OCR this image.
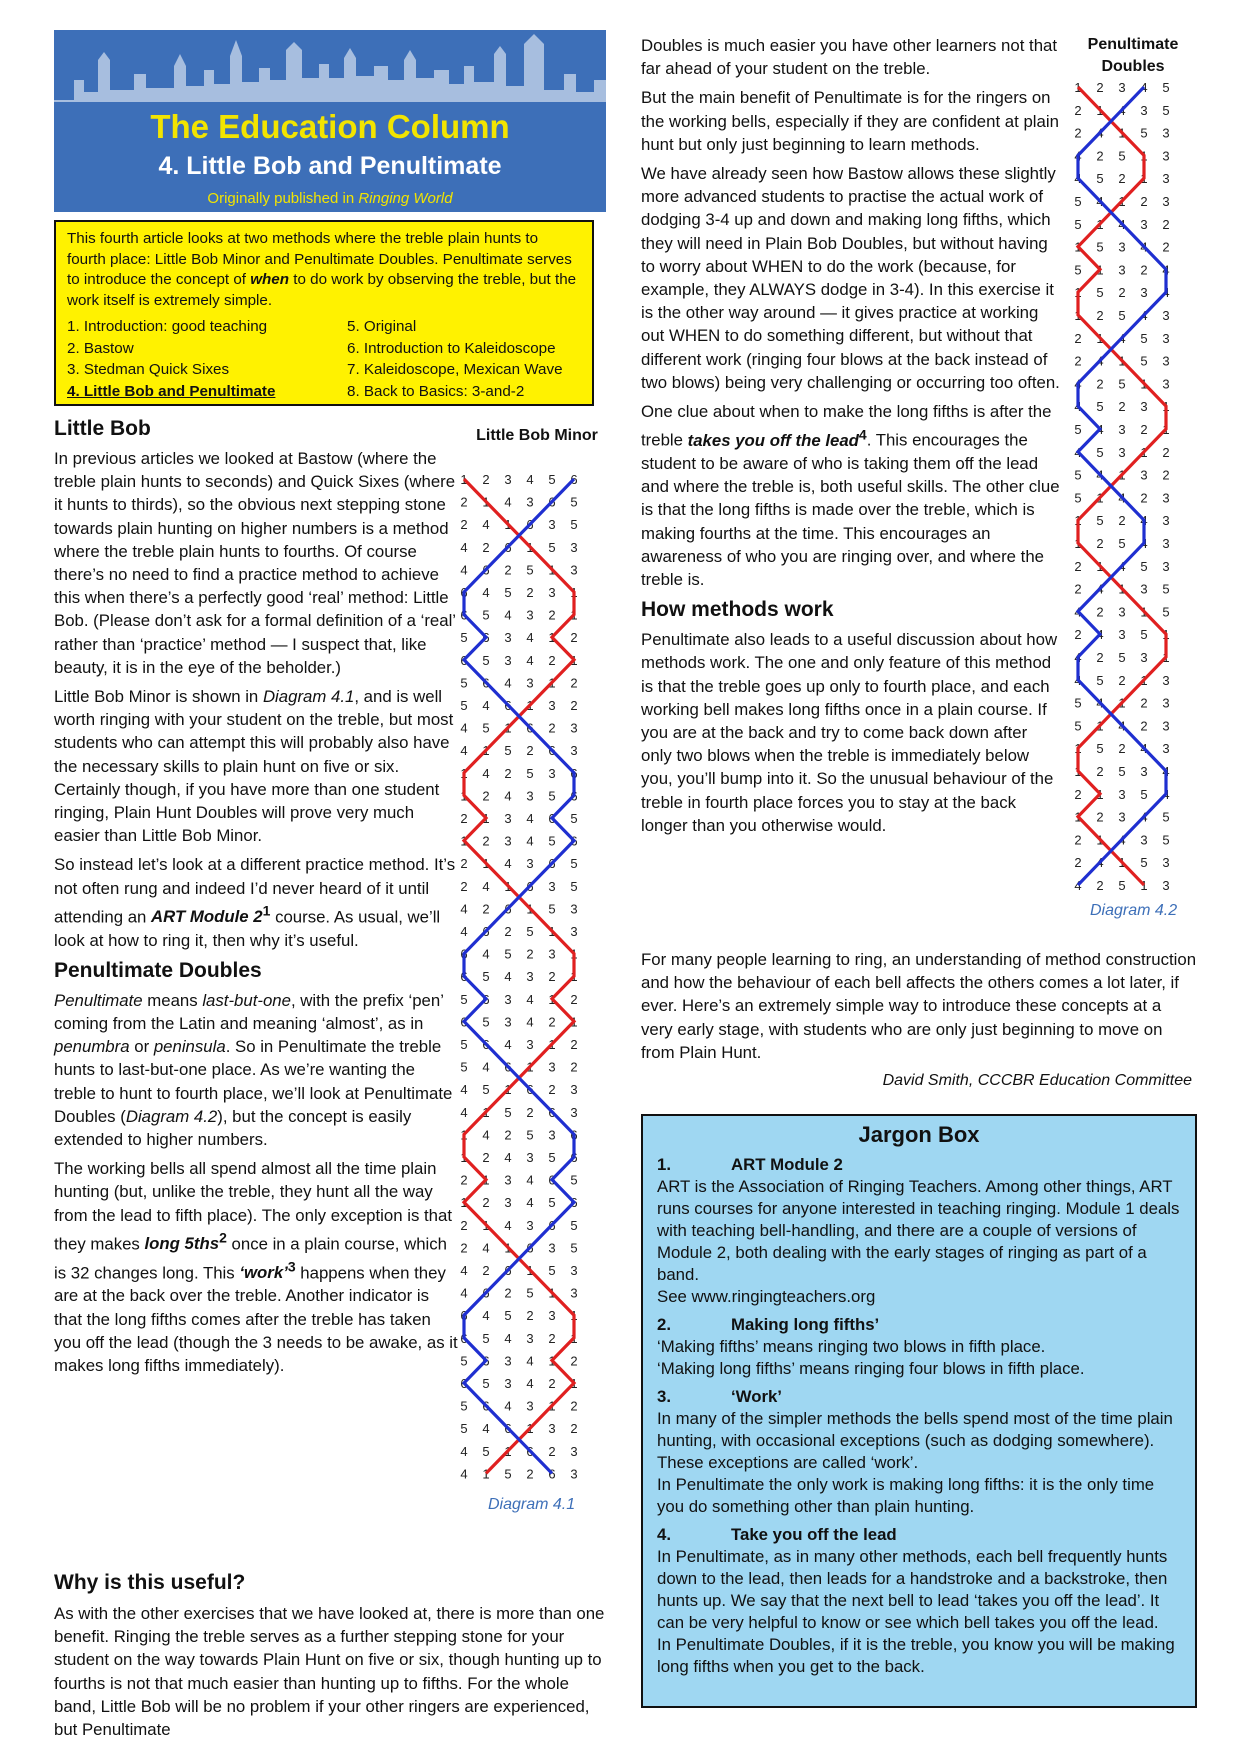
The Education Column
4. Little Bob and Penultimate
Originally published in Ringing World
This fourth article looks at two methods where the treble plain hunts to fourth place: Little Bob Minor and Penultimate Doubles. Penultimate serves to introduce the concept of when to do work by observing the treble, but the work itself is extremely simple.
1. Introduction: good teaching
2. Bastow
3. Stedman Quick Sixes
4. Little Bob and Penultimate
5. Original
6. Introduction to Kaleidoscope
7. Kaleidoscope, Mexican Wave
8. Back to Basics: 3-and-2
Little Bob

In previous articles we looked at Bastow (where the treble plain hunts to seconds) and Quick Sixes (where it hunts to thirds), so the obvious next stepping stone towards plain hunting on higher numbers is a method where the treble plain hunts to fourths. Of course there’s no need to find a practice method to achieve this when there’s a perfectly good ‘real’ method: Little Bob. (Please don’t ask for a formal definition of a ‘real’ rather than ‘practice’ method — I suspect that, like beauty, it is in the eye of the beholder.)

Little Bob Minor is shown in Diagram 4.1, and is well worth ringing with your student on the treble, but most students who can attempt this will probably also have the necessary skills to plain hunt on five or six. Certainly though, if you have more than one student ringing, Plain Hunt Doubles will prove very much easier than Little Bob Minor.

So instead let’s look at a different practice method. It’s not often rung and indeed I’d never heard of it until attending an ART Module $2^1$ course. As usual, we’ll look at how to ring it, then why it’s useful.

Penultimate Doubles

Penultimate means last-but-one, with the prefix ‘pen’ coming from the Latin and meaning ‘almost’, as in penumbra or peninsula. So in Penultimate the treble hunts to last-but-one place. As we’re wanting the treble to hunt to fourth place, we’ll look at Penultimate Doubles (Diagram 4.2), but the concept is easily extended to higher numbers.

The working bells all spend almost all the time plain hunting (but, unlike the treble, they hunt all the way from the lead to fifth place). The only exception is that they makes long 5ths$^2$ once in a plain course, which is 32 changes long. This ‘work’$^3$ happens when they are at the back over the treble. Another indicator is that the long fifths comes after the treble has taken you off the lead (though the 3 needs to be awake, as it makes long fifths immediately).

Why is this useful?

As with the other exercises that we have looked at, there is more than one benefit. Ringing the treble serves as a further stepping stone for your student on the way towards Plain Hunt on five or six, though hunting up to fourths is not that much easier than hunting up to fifths. For the whole band, Little Bob will be no problem if your other ringers are experienced, but Penultimate

Little Bob Minor
1 2 3 4 5 6
2 1 4 3 6 5
2 4 1 6 3 5
4 2 6 1 5 3
4 6 2 5 1 3
6 4 5 2 3 1
6 5 4 3 2 1
5 6 3 4 1 2
6 5 3 4 2 1
5 6 4 3 1 2
5 4 6 1 3 2
4 5 1 6 2 3
4 1 5 2 6 3
1 4 2 5 3 6
1 2 4 3 5 6
2 1 3 4 6 5
1 2 3 4 5 6
2 1 4 3 6 5
2 4 1 6 3 5
4 2 6 1 5 3
4 6 2 5 1 3
6 4 5 2 3 1
6 5 4 3 2 1
5 6 3 4 1 2
6 5 3 4 2 1
5 6 4 3 1 2
5 4 6 1 3 2
4 5 1 6 2 3
4 1 5 2 6 3
1 4 2 5 3 6
1 2 4 3 5 6
2 1 3 4 6 5
1 2 3 4 5 6
2 1 4 3 6 5
2 4 1 6 3 5
4 2 6 1 5 3
4 6 2 5 1 3
6 4 5 2 3 1
6 5 4 3 2 1
5 6 3 4 1 2
6 5 3 4 2 1
5 6 4 3 1 2
5 4 6 1 3 2
4 5 1 6 2 3
4 1 5 2 6 3
Diagram 4.1

Doubles is much easier you have other learners not that far ahead of your student on the treble.

But the main benefit of Penultimate is for the ringers on the working bells, especially if they are confident at plain hunt but only just beginning to learn methods.

We have already seen how Bastow allows these slightly more advanced students to practise the actual work of dodging 3-4 up and down and making long fifths, which they will need in Plain Bob Doubles, but without having to worry about WHEN to do the work (because, for example, they ALWAYS dodge in 3-4). In this exercise it is the other way around — it gives practice at working out WHEN to do something different, but without that different work (ringing four blows at the back instead of two blows) being very challenging or occurring too often.

One clue about when to make the long fifths is after the treble takes you off the lead$^4$. This encourages the student to be aware of who is taking them off the lead and where the treble is, both useful skills. The other clue is that the long fifths is made over the treble, which is making fourths at the time. This encourages an awareness of who you are ringing over, and where the treble is.

How methods work

Penultimate also leads to a useful discussion about how methods work. The one and only feature of this method is that the treble goes up only to fourth place, and each working bell makes long fifths once in a plain course. If you are at the back and try to come back down after only two blows when the treble is immediately below you, you’ll bump into it. So the unusual behaviour of the treble in fourth place forces you to stay at the back longer than you otherwise would.

For many people learning to ring, an understanding of method construction and how the behaviour of each bell affects the others comes a lot later, if ever. Here’s an extremely simple way to introduce these concepts at a very early stage, with students who are only just beginning to move on from Plain Hunt.

David Smith, CCCBR Education Committee
Penultimate Doubles
1 2 3 4 5
2 1 4 3 5
2 4 1 5 3
4 2 5 1 3
4 5 2 1 3
5 4 1 2 3
5 1 4 3 2
1 5 3 4 2
5 1 3 2 4
1 5 2 3 4
1 2 5 4 3
2 1 4 5 3
2 4 1 5 3
4 2 5 1 3
4 5 2 3 1
5 4 3 2 1
4 5 3 1 2
5 4 1 3 2
5 1 4 2 3
1 5 2 4 3
1 2 5 4 3
2 1 4 5 3
2 4 1 3 5
4 2 3 1 5
2 4 3 5 1
4 2 5 3 1
4 5 2 1 3
5 4 1 2 3
5 1 4 2 3
1 5 2 4 3
1 2 5 3 4
2 1 3 5 4
1 2 3 4 5
2 1 4 3 5
2 4 1 5 3
4 2 5 1 3
Diagram 4.2
Jargon Box
1.	ART Module 2
ART is the Association of Ringing Teachers. Among other things, ART runs courses for anyone interested in teaching ringing. Module 1 deals with teaching bell-handling, and there are a couple of versions of Module 2, both dealing with the early stages of ringing as part of a band.
See www.ringingteachers.org
2.	Making long fifths’
‘Making fifths’ means ringing two blows in fifth place.
‘Making long fifths’ means ringing four blows in fifth place.
3.	‘Work’
In many of the simpler methods the bells spend most of the time plain hunting, with occasional exceptions (such as dodging somewhere). These exceptions are called ‘work’.
In Penultimate the only work is making long fifths: it is the only time you do something other than plain hunting.
4.	Take you off the lead
In Penultimate, as in many other methods, each bell frequently hunts down to the lead, then leads for a handstroke and a backstroke, then hunts up. We say that the next bell to lead ‘takes you off the lead’. It can be very helpful to know or see which bell takes you off the lead.
In Penultimate Doubles, if it is the treble, you know you will be making long fifths when you get to the back.
